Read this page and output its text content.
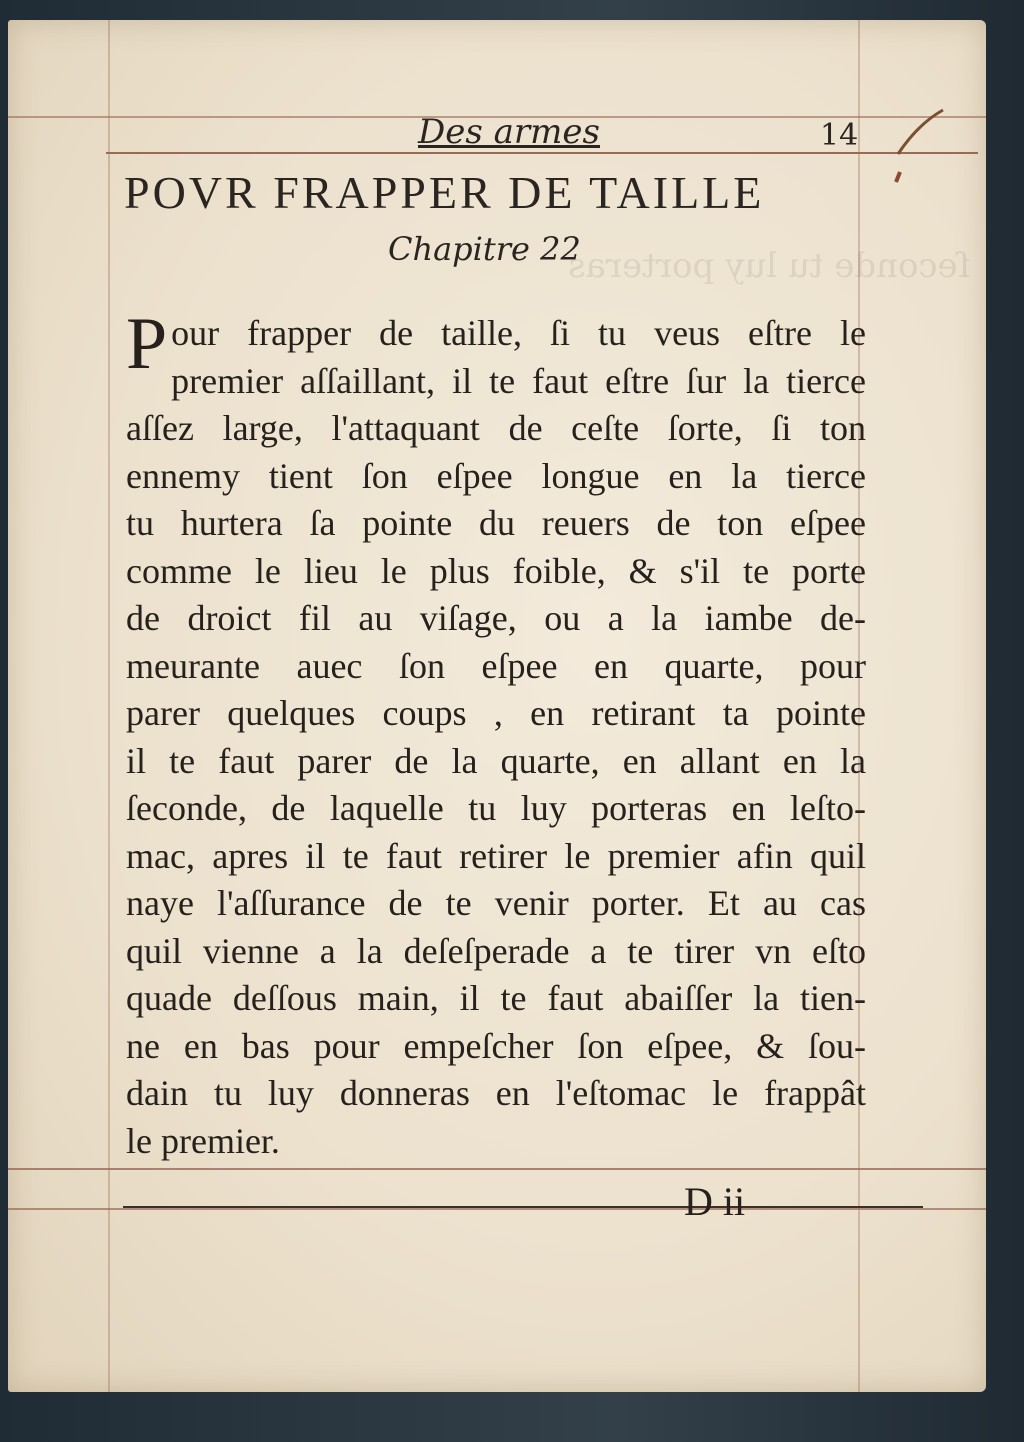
ſeconde tu luy porteras
Des armes	14
POVR FRAPPER DE TAILLE
Chapitre 22
P our frapper de taille, ſi tu veus eſtre le
premier aſſaillant, il te faut eſtre ſur la tierce
aſſez large, l'attaquant de ceſte ſorte, ſi ton
ennemy tient ſon eſpee longue en la tierce
tu hurtera ſa pointe du reuers de ton eſpee
comme le lieu le plus foible, & s'il te porte
de droict fil au viſage, ou a la iambe de-
meurante auec ſon eſpee en quarte, pour
parer quelques coups , en retirant ta pointe
il te faut parer de la quarte, en allant en la
ſeconde, de laquelle tu luy porteras en leſto-
mac, apres il te faut retirer le premier afin quil
naye l'aſſurance de te venir porter. Et au cas
quil vienne a la deſeſperade a te tirer vn eſto
quade deſſous main, il te faut abaiſſer la tien-
ne en bas pour empeſcher ſon eſpee, & ſou-
dain tu luy donneras en l'eſtomac le frappât
le premier.
D ii
